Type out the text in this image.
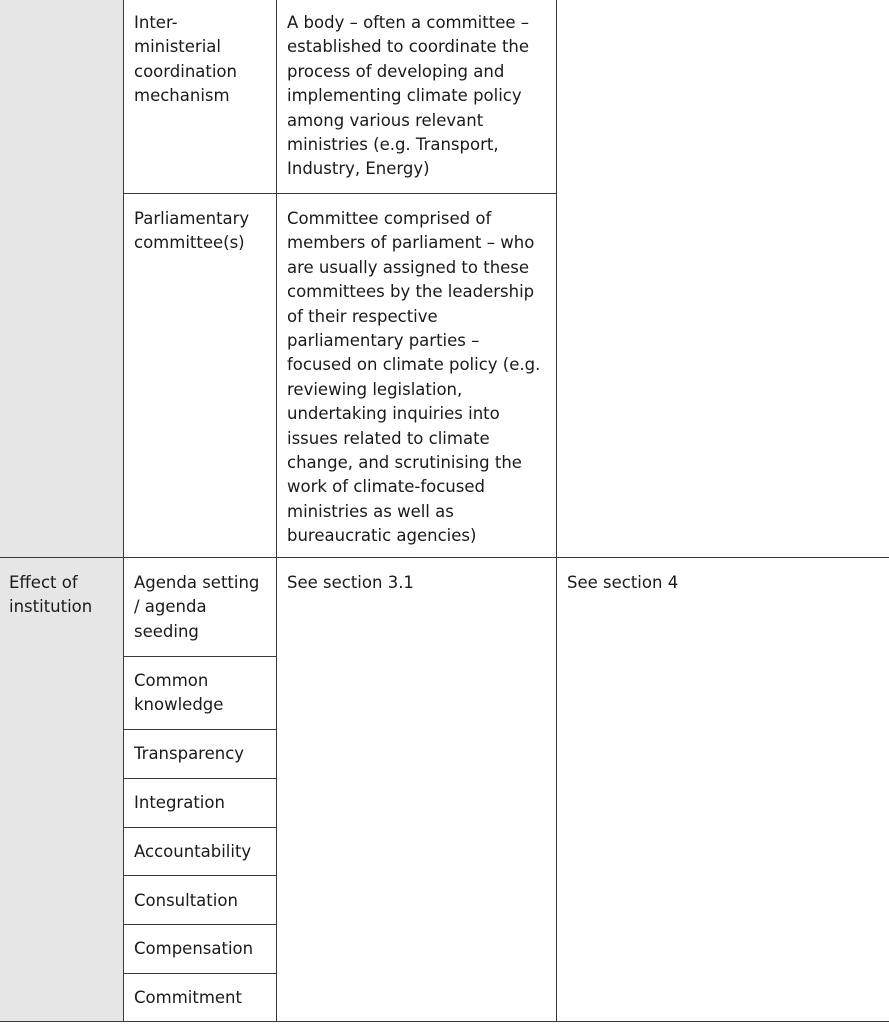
Inter-
ministerial
coordination
mechanism
A body – often a committee –
established to coordinate the
process of developing and
implementing climate policy
among various relevant
ministries (e.g. Transport,
Industry, Energy)
Parliamentary
committee(s)
Committee comprised of
members of parliament – who
are usually assigned to these
committees by the leadership
of their respective
parliamentary parties –
focused on climate policy (e.g.
reviewing legislation,
undertaking inquiries into
issues related to climate
change, and scrutinising the
work of climate-focused
ministries as well as
bureaucratic agencies)
Effect of
institution
See section 3.1	See section 4
Agenda setting
/ agenda
seeding
Common
knowledge
Transparency
Integration
Accountability
Consultation
Compensation
Commitment
